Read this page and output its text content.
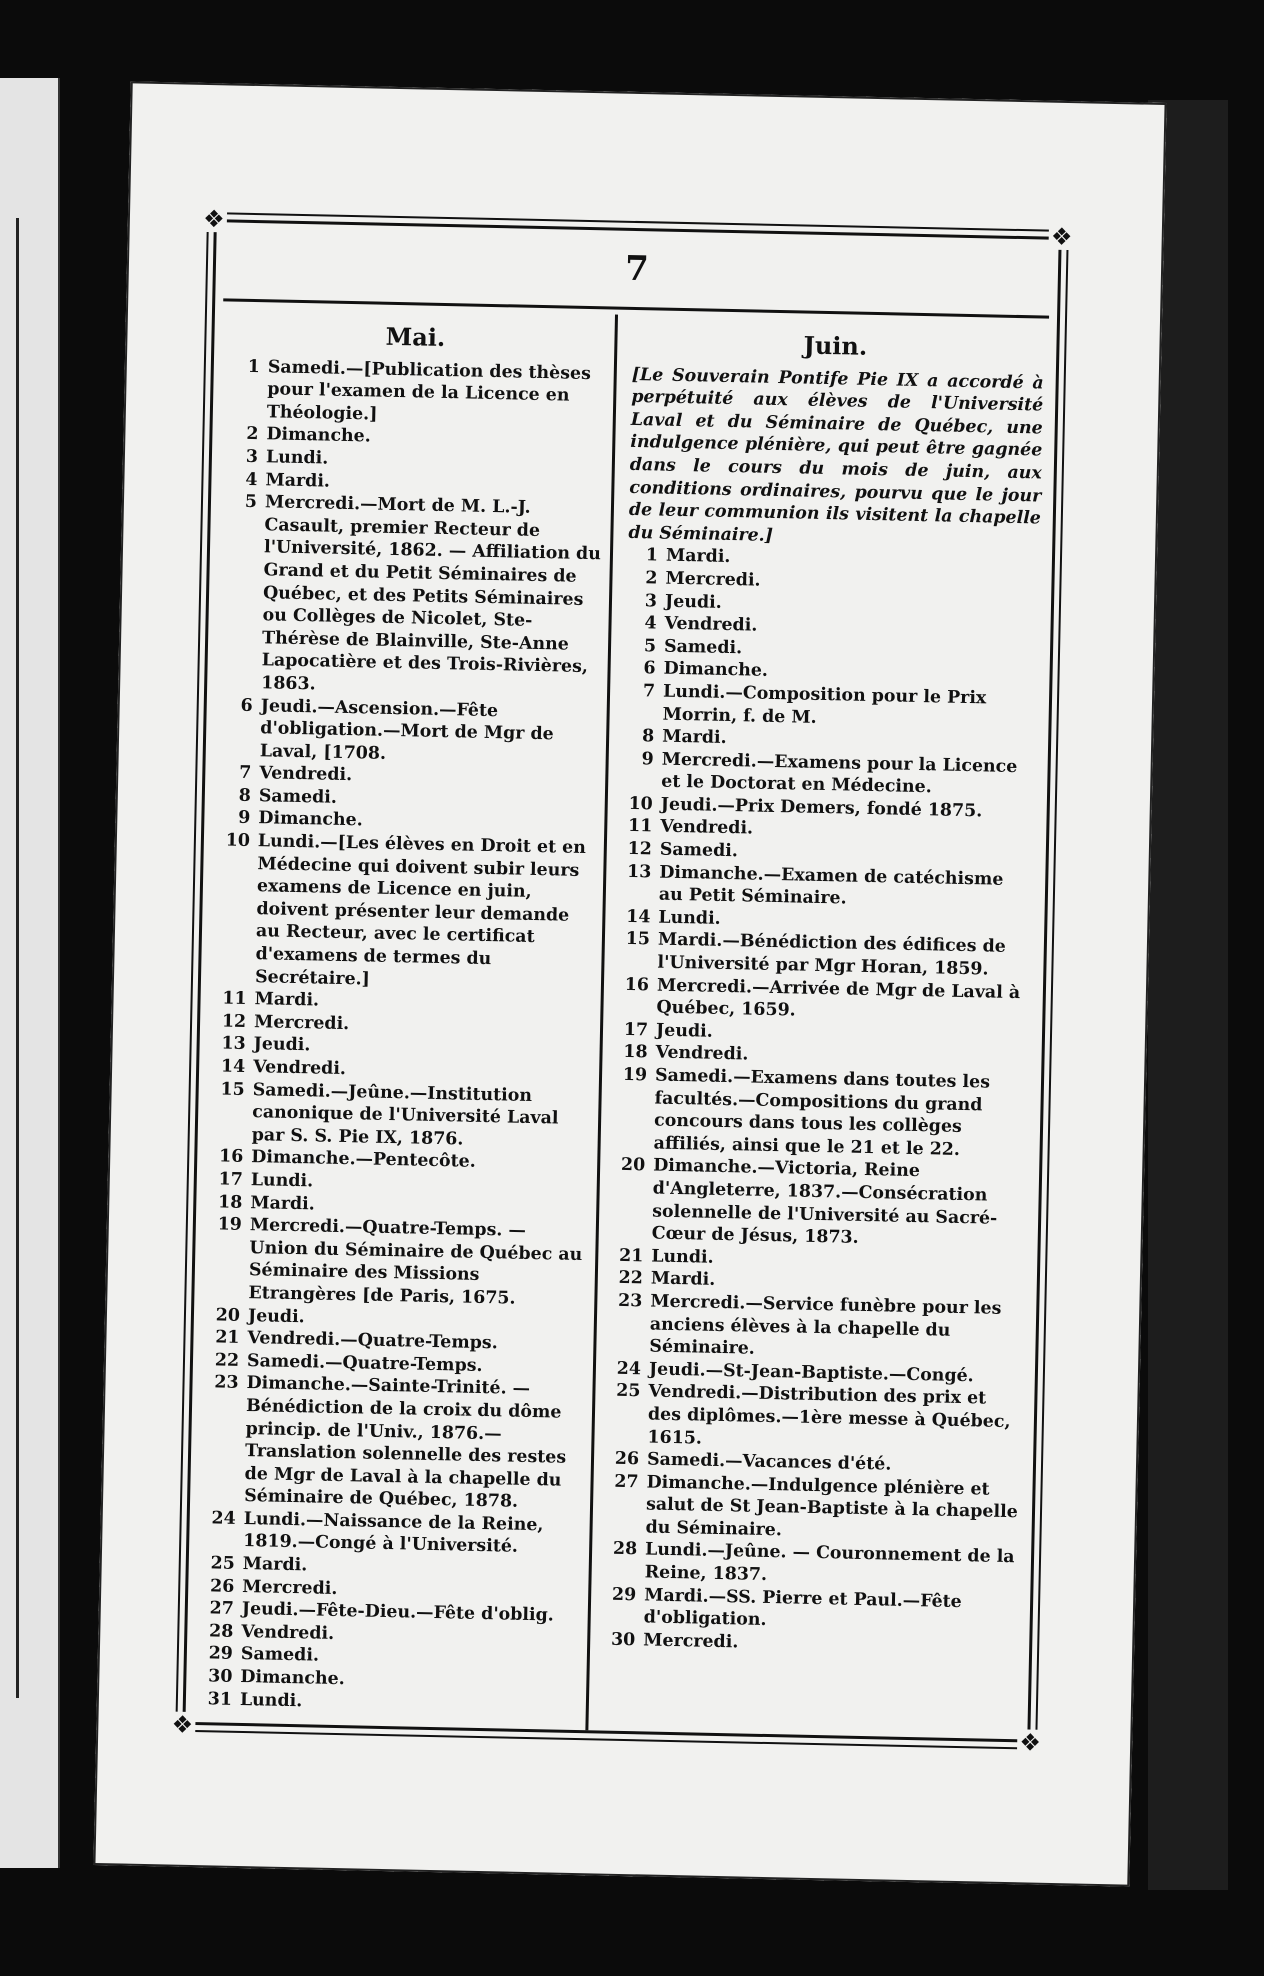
❖
❖
❖
❖
7
Mai.
1 Samedi.—[Publication des thèses pour l'examen de la Licence en Théologie.]
2 Dimanche.
3 Lundi.
4 Mardi.
5 Mercredi.—Mort de M. L.-J. Casault, premier Recteur de l'Université, 1862. — Affiliation du Grand et du Petit Séminaires de Québec, et des Petits Séminaires ou Collèges de Nicolet, Ste-Thérèse de Blainville, Ste-Anne Lapocatière et des Trois-Rivières, 1863.
6 Jeudi.—Ascension.—Fête d'obligation.—Mort de Mgr de Laval, [1708.
7 Vendredi.
8 Samedi.
9 Dimanche.
10 Lundi.—[Les élèves en Droit et en Médecine qui doivent subir leurs examens de Licence en juin, doivent présenter leur demande au Recteur, avec le certificat d'examens de termes du Secrétaire.]
11 Mardi.
12 Mercredi.
13 Jeudi.
14 Vendredi.
15 Samedi.—Jeûne.—Institution canonique de l'Université Laval par S. S. Pie IX, 1876.
16 Dimanche.—Pentecôte.
17 Lundi.
18 Mardi.
19 Mercredi.—Quatre-Temps. — Union du Séminaire de Québec au Séminaire des Missions Etrangères [de Paris, 1675.
20 Jeudi.
21 Vendredi.—Quatre-Temps.
22 Samedi.—Quatre-Temps.
23 Dimanche.—Sainte-Trinité. — Bénédiction de la croix du dôme princip. de l'Univ., 1876.—Translation solennelle des restes de Mgr de Laval à la chapelle du Séminaire de Québec, 1878.
24 Lundi.—Naissance de la Reine, 1819.—Congé à l'Université.
25 Mardi.
26 Mercredi.
27 Jeudi.—Fête-Dieu.—Fête d'oblig.
28 Vendredi.
29 Samedi.
30 Dimanche.
31 Lundi.
Juin.
[Le Souverain Pontife Pie IX a accordé à perpétuité aux élèves de l'Université Laval et du Séminaire de Québec, une indulgence plénière, qui peut être gagnée dans le cours du mois de juin, aux conditions ordinaires, pourvu que le jour de leur communion ils visitent la chapelle du Séminaire.]
1 Mardi.
2 Mercredi.
3 Jeudi.
4 Vendredi.
5 Samedi.
6 Dimanche.
7 Lundi.—Composition pour le Prix Morrin, f. de M.
8 Mardi.
9 Mercredi.—Examens pour la Licence et le Doctorat en Médecine.
10 Jeudi.—Prix Demers, fondé 1875.
11 Vendredi.
12 Samedi.
13 Dimanche.—Examen de catéchisme au Petit Séminaire.
14 Lundi.
15 Mardi.—Bénédiction des édifices de l'Université par Mgr Horan, 1859.
16 Mercredi.—Arrivée de Mgr de Laval à Québec, 1659.
17 Jeudi.
18 Vendredi.
19 Samedi.—Examens dans toutes les facultés.—Compositions du grand concours dans tous les collèges affiliés, ainsi que le 21 et le 22.
20 Dimanche.—Victoria, Reine d'Angleterre, 1837.—Consécration solennelle de l'Université au Sacré-Cœur de Jésus, 1873.
21 Lundi.
22 Mardi.
23 Mercredi.—Service funèbre pour les anciens élèves à la chapelle du Séminaire.
24 Jeudi.—St-Jean-Baptiste.—Congé.
25 Vendredi.—Distribution des prix et des diplômes.—1ère messe à Québec, 1615.
26 Samedi.—Vacances d'été.
27 Dimanche.—Indulgence plénière et salut de St Jean-Baptiste à la chapelle du Séminaire.
28 Lundi.—Jeûne. — Couronnement de la Reine, 1837.
29 Mardi.—SS. Pierre et Paul.—Fête d'obligation.
30 Mercredi.
